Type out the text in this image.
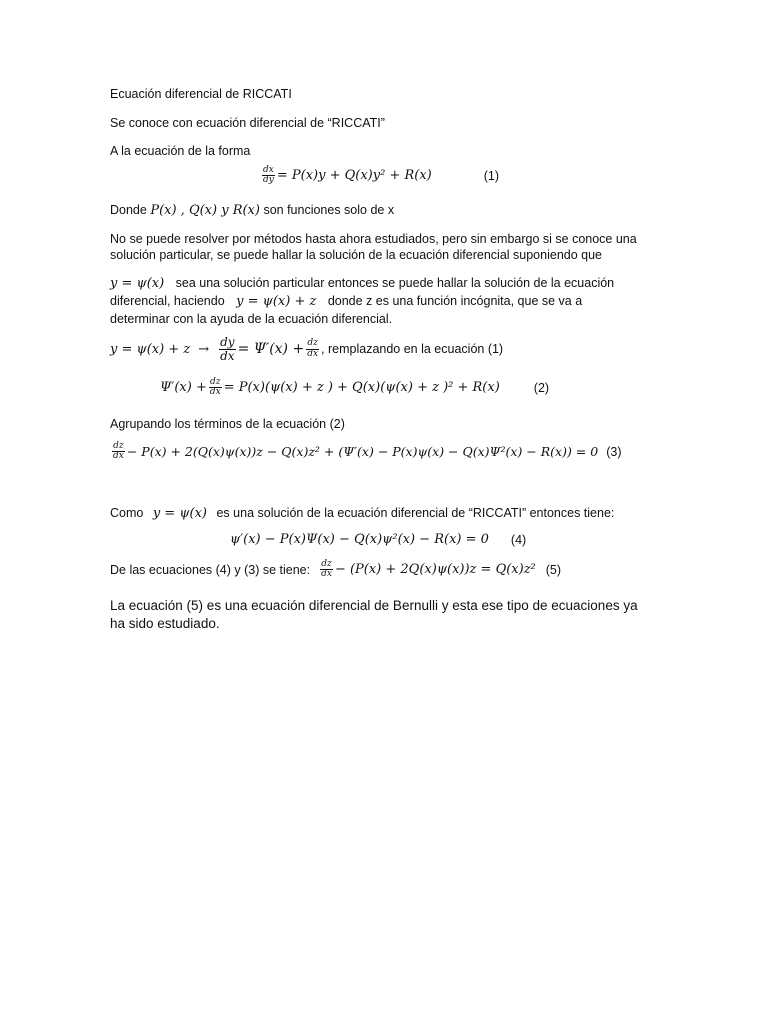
Ecuación diferencial de RICCATI
Se conoce con ecuación diferencial de “RICCATI”
A la ecuación de la forma
$\frac{dx}{dy} = P(x)y + Q(x)y^2 + R(x)$	(1)
Donde P(x) , Q(x) y R(x) son funciones solo de x
No se puede resolver por métodos hasta ahora estudiados, pero sin embargo si se conoce una
solución particular, se puede hallar la solución de la ecuación diferencial suponiendo que
y = ψ(x) sea una solución particular entonces se puede hallar la solución de la ecuación
diferencial, haciendo y = ψ(x) + z donde z es una función incógnita, que se va a
determinar con la ayuda de la ecuación diferencial.
$y = \psi(x) + z \to \frac{dy}{dx} = \Psi'(x) + \frac{dz}{dx}$ , remplazando en la ecuación (1)
$\Psi'(x) + \frac{dz}{dx} = P(x)(\psi(x) + z$ ) + Q(x)(ψ(x) + z )² + R(x)	(2)
Agrupando los términos de la ecuación (2)
$\frac{dz}{dx} - P(x) + 2(Q(x)\psi(x))z - Q(x)z^2 + (\Psi'(x) - P(x)\psi(x) - Q(x)\Psi^2(x) - R(x)) = 0$ (3)
Como y = ψ(x) es una solución de la ecuación diferencial de “RICCATI” entonces tiene:
ψ′(x) − P(x)Ψ(x) − Q(x)ψ²(x) − R(x) = 0 (4)
De las ecuaciones (4) y (3) se tiene: $\frac{dz}{dx} - (P(x) + 2Q(x)\psi(x))z = Q(x)z^2$ (5)
La ecuación (5) es una ecuación diferencial de Bernulli y esta ese tipo de ecuaciones ya
ha sido estudiado.
